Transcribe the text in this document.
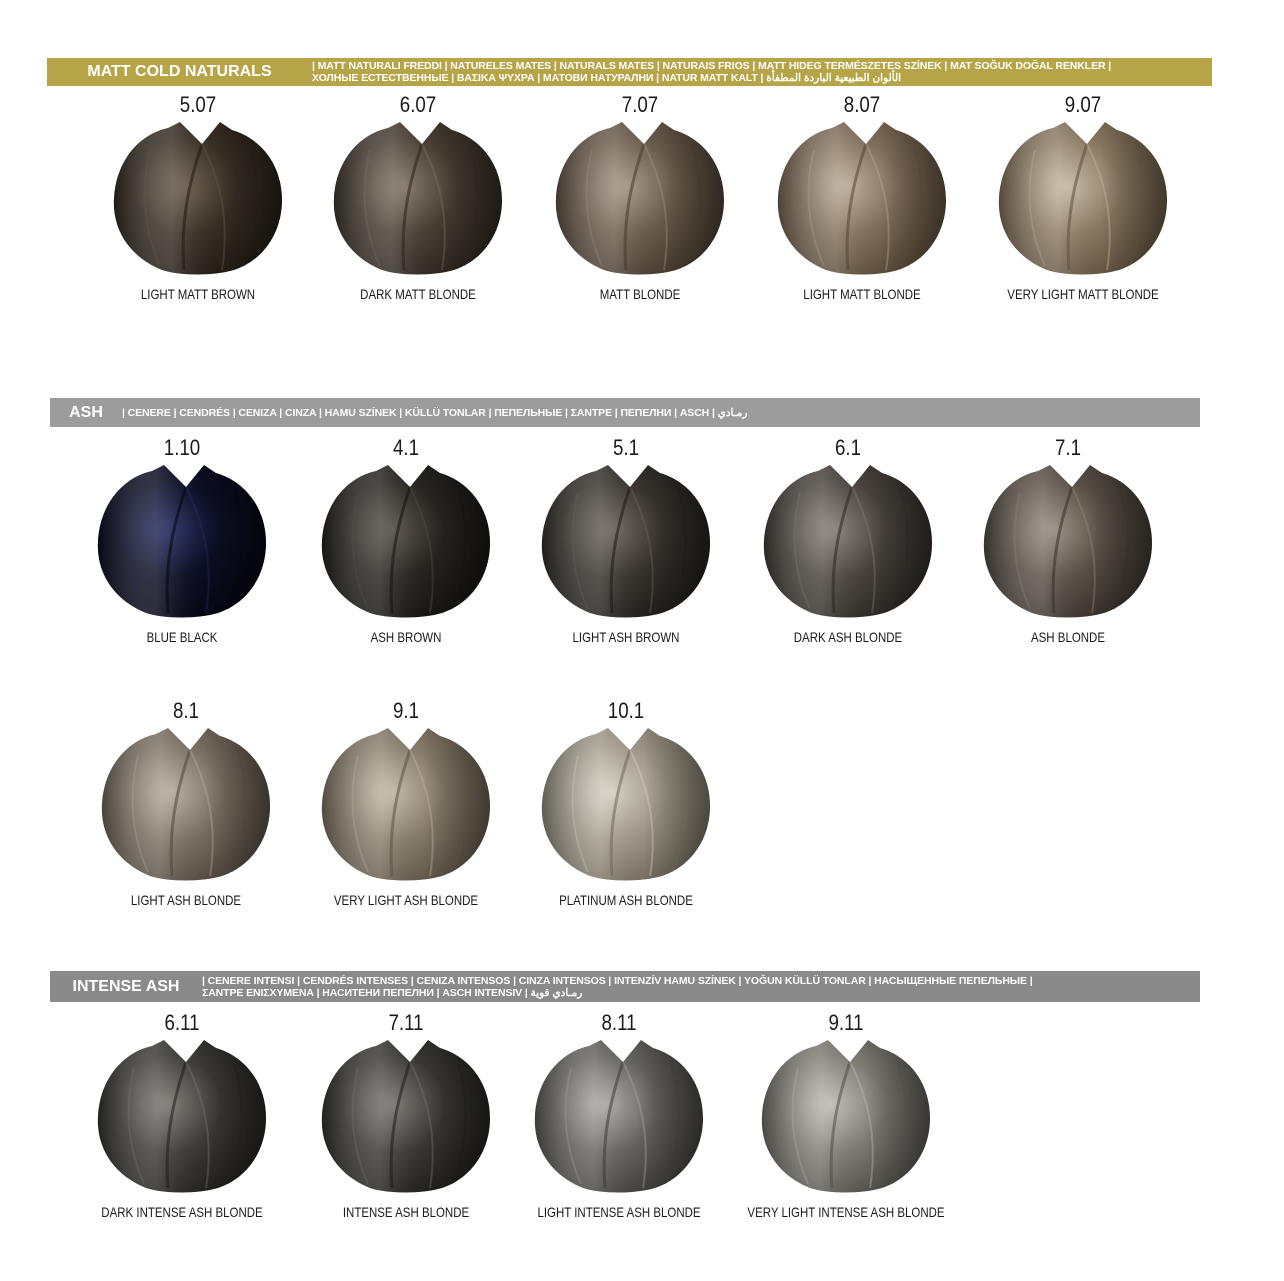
MATT COLD NATURALS	| MATT NATURALI FREDDI | NATURELES MATES | NATURALS MATES | NATURAIS FRIOS | MATT HIDEG TERMÉSZETES SZÍNEK | MAT SOĞUK DOĞAL RENKLER |
ХОЛНЫЕ ЕСТЕСТВЕННЫЕ | ΒΑΣΙΚΑ ΨΥΧΡΑ | МАТОВИ НАТУРАЛНИ | NATUR MATT KALT | الألوان الطبيعية الباردة المطفأة
ASH	| CENERE | CENDRÉS | CENIZA | CINZA | HAMU SZÍNEK | KÜLLÜ TONLAR | ПЕПЕЛЬНЫЕ | ΣΑΝΤΡΕ | ПЕПЕЛНИ | ASCH | رمـادي
INTENSE ASH	| CENERE INTENSI | CENDRÉS INTENSES | CENIZA INTENSOS | CINZA INTENSOS | INTENZÍV HAMU SZÍNEK | YOĞUN KÜLLÜ TONLAR | НАСЫЩЕННЫЕ ПЕПЕЛЬНЫЕ |
ΣΑΝΤΡΕ ΕΝΙΣΧΥΜΕΝΑ | НАСИТЕНИ ПЕПЕЛНИ | ASCH INTENSIV | رمـادي قوية
5.07
LIGHT MATT BROWN
6.07
DARK MATT BLONDE
7.07
MATT BLONDE
8.07
LIGHT MATT BLONDE
9.07
VERY LIGHT MATT BLONDE
1.10
BLUE BLACK
4.1
ASH BROWN
5.1
LIGHT ASH BROWN
6.1
DARK ASH BLONDE
7.1
ASH BLONDE
8.1
LIGHT ASH BLONDE
9.1
VERY LIGHT ASH BLONDE
10.1
PLATINUM ASH BLONDE
6.11
DARK INTENSE ASH BLONDE
7.11
INTENSE ASH BLONDE
8.11
LIGHT INTENSE ASH BLONDE
9.11
VERY LIGHT INTENSE ASH BLONDE
